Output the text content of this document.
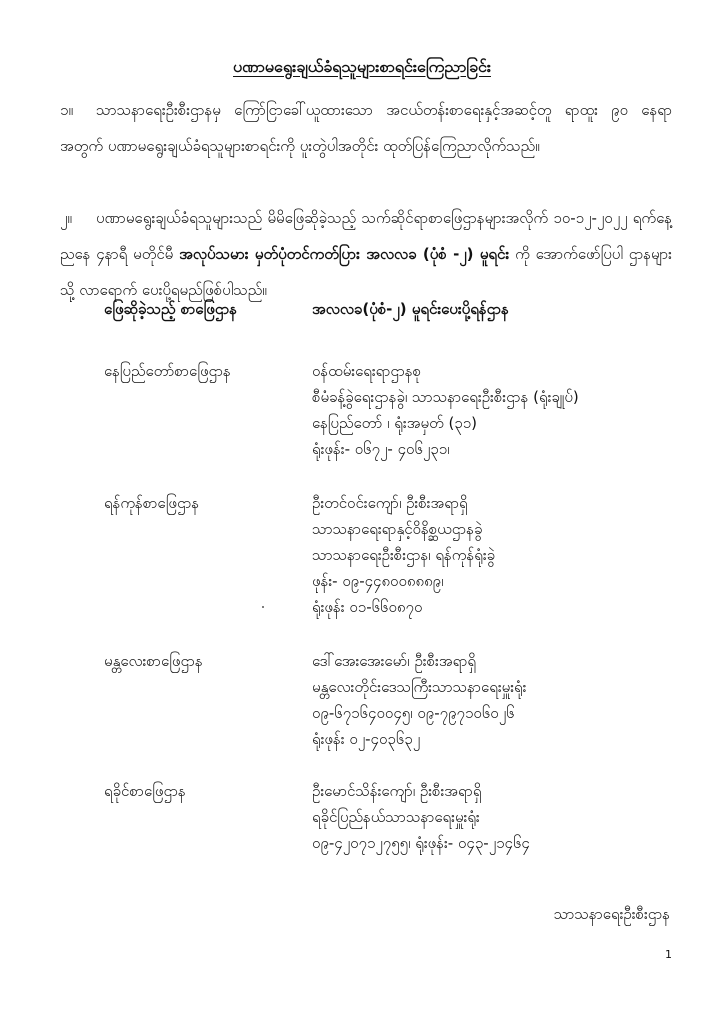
ပဏာမရွေးချယ်ခံရသူများစာရင်းကြေညာခြင်း
၁။ သာသနာရေးဦးစီးဌာနမှ ကြော်ငြာခေါ်ယူထားသော အငယ်တန်းစာရေးနှင့်အဆင့်တူ ရာထူး ၉၀ နေရာအတွက် ပဏာမရွေးချယ်ခံရသူများစာရင်းကို ပူးတွဲပါအတိုင်း ထုတ်ပြန်ကြေညာလိုက်သည်။
၂။ ပဏာမရွေးချယ်ခံရသူများသည် မိမိဖြေဆိုခဲ့သည့် သက်ဆိုင်ရာစာဖြေဌာနများအလိုက် ၁၀-၁၂-၂၀၂၂ ရက်နေ့ ညနေ ၄နာရီ မတိုင်မီ အလုပ်သမား မှတ်ပုံတင်ကတ်ပြား အလလခ (ပုံစံ -၂) မူရင်း ကို အောက်ဖော်ပြပါ ဌာနများသို့ လာရောက် ပေးပို့ရမည်ဖြစ်ပါသည်။
ဖြေဆိုခဲ့သည့် စာဖြေဌာန	အလလခ(ပုံစံ-၂) မူရင်းပေးပို့ရန်ဌာန
နေပြည်တော်စာဖြေဌာန	ဝန်ထမ်းရေးရာဌာနစု
စီမံခန့်ခွဲရေးဌာနခွဲ၊ သာသနာရေးဦးစီးဌာန (ရုံးချုပ်)
နေပြည်တော် ၊ ရုံးအမှတ် (၃၁)
ရုံးဖုန်း- ၀၆၇၂- ၄၀၆၂၃၁၊
ရန်ကုန်စာဖြေဌာန	ဦးတင်ဝင်းကျော်၊ ဦးစီးအရာရှိ
သာသနာရေးရာနှင့်ဝိနိစ္ဆယဌာနခွဲ
သာသနာရေးဦးစီးဌာန၊ ရန်ကုန်ရုံးခွဲ
ဖုန်း- ၀၉-၄၄၈၀၀၈၈၈၉၊
ရုံးဖုန်း ၀၁-၆၆၀၈၇၀
မန္တလေးစာဖြေဌာန	ဒေါ်အေးအေးမော်၊ ဦးစီးအရာရှိ
မန္တလေးတိုင်းဒေသကြီးသာသနာရေးမှူးရုံး
၀၉-၆၇၁၆၄၀၀၄၅၊ ၀၉-၇၉၇၁၀၆၀၂၆
ရုံးဖုန်း ၀၂-၄၀၃၆၃၂
ရခိုင်စာဖြေဌာန	ဦးမောင်သိန်းကျော်၊ ဦးစီးအရာရှိ
ရခိုင်ပြည်နယ်သာသနာရေးမှူးရုံး
၀၉-၄၂၀၇၁၂၇၅၅၊ ရုံးဖုန်း- ၀၄၃-၂၁၄၆၄
သာသနာရေးဦးစီးဌာန
1
